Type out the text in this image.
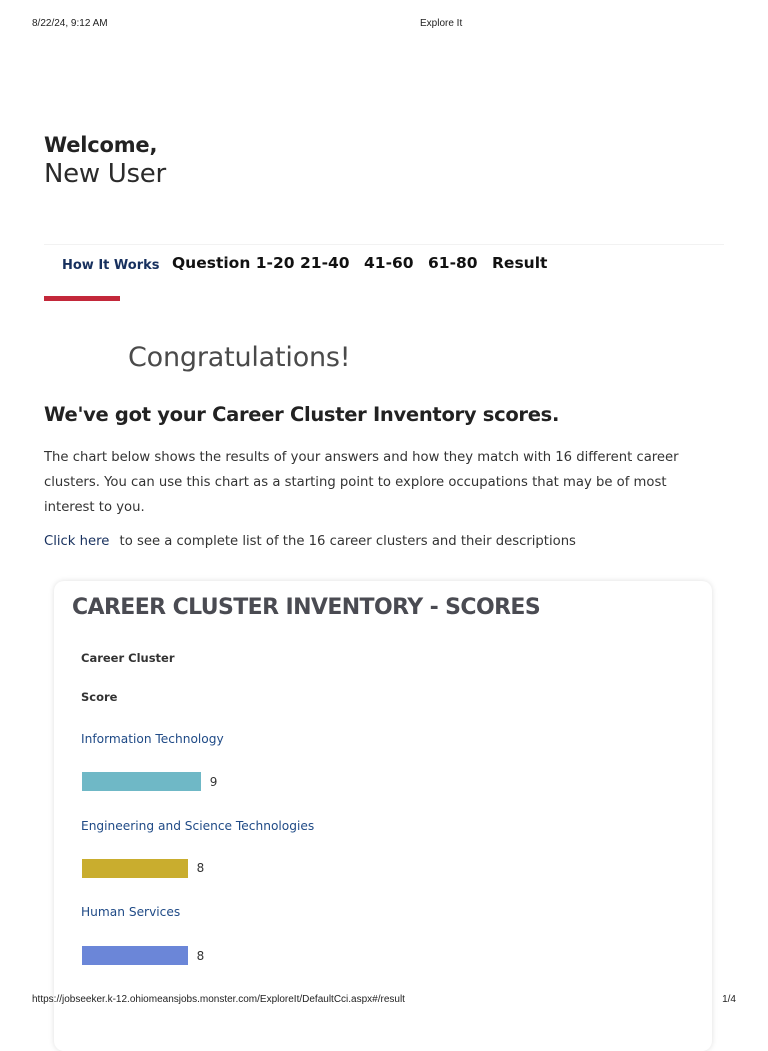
8/22/24, 9:12 AM	Explore It
Welcome,
New User
How It Works Question 1-20 21-40 41-60 61-80 Result
Congratulations!
We've got your Career Cluster Inventory scores.
The chart below shows the results of your answers and how they match with 16 different career clusters. You can use this chart as a starting point to explore occupations that may be of most interest to you.
Click here to see a complete list of the 16 career clusters and their descriptions
CAREER CLUSTER INVENTORY - SCORES
Career Cluster
Score
Information Technology
9
Engineering and Science Technologies
8
Human Services
8
https://jobseeker.k-12.ohiomeansjobs.monster.com/ExploreIt/DefaultCci.aspx#/result	1/4
